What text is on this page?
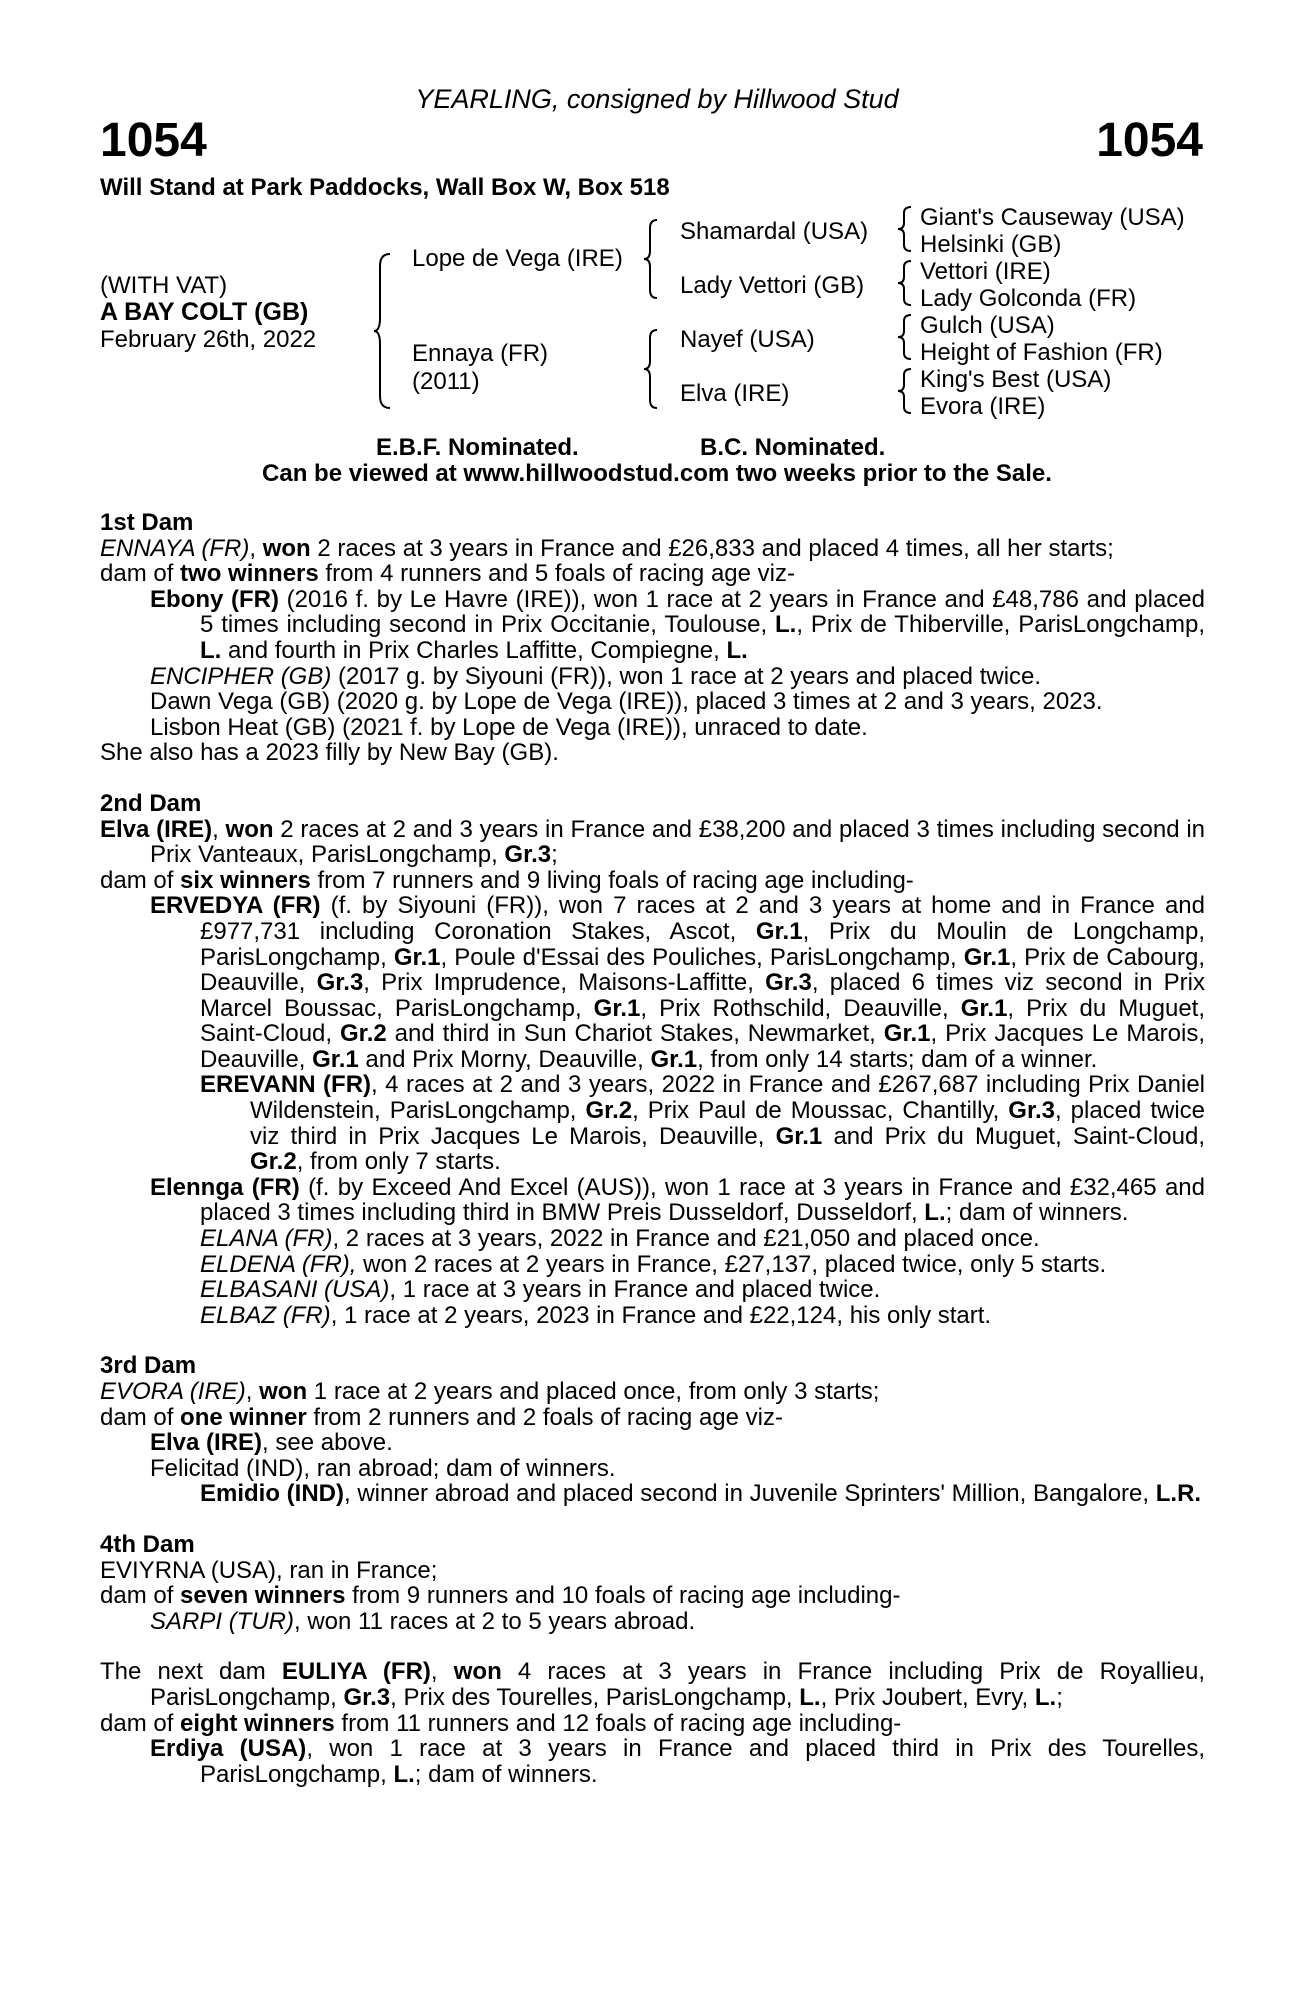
YEARLING, consigned by Hillwood Stud
1054	1054
Will Stand at Park Paddocks, Wall Box W, Box 518
(WITH VAT)
A BAY COLT (GB)
February 26th, 2022
Lope de Vega (IRE)
Ennaya (FR)
(2011)
Shamardal (USA)
Lady Vettori (GB)
Nayef (USA)
Elva (IRE)
Giant's Causeway (USA)
Helsinki (GB)
Vettori (IRE)
Lady Golconda (FR)
Gulch (USA)
Height of Fashion (FR)
King's Best (USA)
Evora (IRE)
E.B.F. Nominated.	B.C. Nominated.
Can be viewed at www.hillwoodstud.com two weeks prior to the Sale.
1st Dam

ENNAYA (FR), won 2 races at 3 years in France and £26,833 and placed 4 times, all her starts;

dam of two winners from 4 runners and 5 foals of racing age viz-

Ebony (FR) (2016 f. by Le Havre (IRE)), won 1 race at 2 years in France and £48,786 and placed 5 times including second in Prix Occitanie, Toulouse, L., Prix de Thiberville, ParisLongchamp, L. and fourth in Prix Charles Laffitte, Compiegne, L.

ENCIPHER (GB) (2017 g. by Siyouni (FR)), won 1 race at 2 years and placed twice.

Dawn Vega (GB) (2020 g. by Lope de Vega (IRE)), placed 3 times at 2 and 3 years, 2023.

Lisbon Heat (GB) (2021 f. by Lope de Vega (IRE)), unraced to date.

She also has a 2023 filly by New Bay (GB).

2nd Dam

Elva (IRE), won 2 races at 2 and 3 years in France and £38,200 and placed 3 times including second in Prix Vanteaux, ParisLongchamp, Gr.3;

dam of six winners from 7 runners and 9 living foals of racing age including-

ERVEDYA (FR) (f. by Siyouni (FR)), won 7 races at 2 and 3 years at home and in France and £977,731 including Coronation Stakes, Ascot, Gr.1, Prix du Moulin de Longchamp, ParisLongchamp, Gr.1, Poule d'Essai des Pouliches, ParisLongchamp, Gr.1, Prix de Cabourg, Deauville, Gr.3, Prix Imprudence, Maisons-Laffitte, Gr.3, placed 6 times viz second in Prix Marcel Boussac, ParisLongchamp, Gr.1, Prix Rothschild, Deauville, Gr.1, Prix du Muguet, Saint-Cloud, Gr.2 and third in Sun Chariot Stakes, Newmarket, Gr.1, Prix Jacques Le Marois, Deauville, Gr.1 and Prix Morny, Deauville, Gr.1, from only 14 starts; dam of a winner.

EREVANN (FR), 4 races at 2 and 3 years, 2022 in France and £267,687 including Prix Daniel Wildenstein, ParisLongchamp, Gr.2, Prix Paul de Moussac, Chantilly, Gr.3, placed twice viz third in Prix Jacques Le Marois, Deauville, Gr.1 and Prix du Muguet, Saint-Cloud, Gr.2, from only 7 starts.

Elennga (FR) (f. by Exceed And Excel (AUS)), won 1 race at 3 years in France and £32,465 and placed 3 times including third in BMW Preis Dusseldorf, Dusseldorf, L.; dam of winners.

ELANA (FR), 2 races at 3 years, 2022 in France and £21,050 and placed once.

ELDENA (FR), won 2 races at 2 years in France, £27,137, placed twice, only 5 starts.

ELBASANI (USA), 1 race at 3 years in France and placed twice.

ELBAZ (FR), 1 race at 2 years, 2023 in France and £22,124, his only start.

3rd Dam

EVORA (IRE), won 1 race at 2 years and placed once, from only 3 starts;

dam of one winner from 2 runners and 2 foals of racing age viz-

Elva (IRE), see above.

Felicitad (IND), ran abroad; dam of winners.

Emidio (IND), winner abroad and placed second in Juvenile Sprinters' Million, Bangalore, L.R.

4th Dam

EVIYRNA (USA), ran in France;

dam of seven winners from 9 runners and 10 foals of racing age including-

SARPI (TUR), won 11 races at 2 to 5 years abroad.

The next dam EULIYA (FR), won 4 races at 3 years in France including Prix de Royallieu, ParisLongchamp, Gr.3, Prix des Tourelles, ParisLongchamp, L., Prix Joubert, Evry, L.;

dam of eight winners from 11 runners and 12 foals of racing age including-

Erdiya (USA), won 1 race at 3 years in France and placed third in Prix des Tourelles, ParisLongchamp, L.; dam of winners.
